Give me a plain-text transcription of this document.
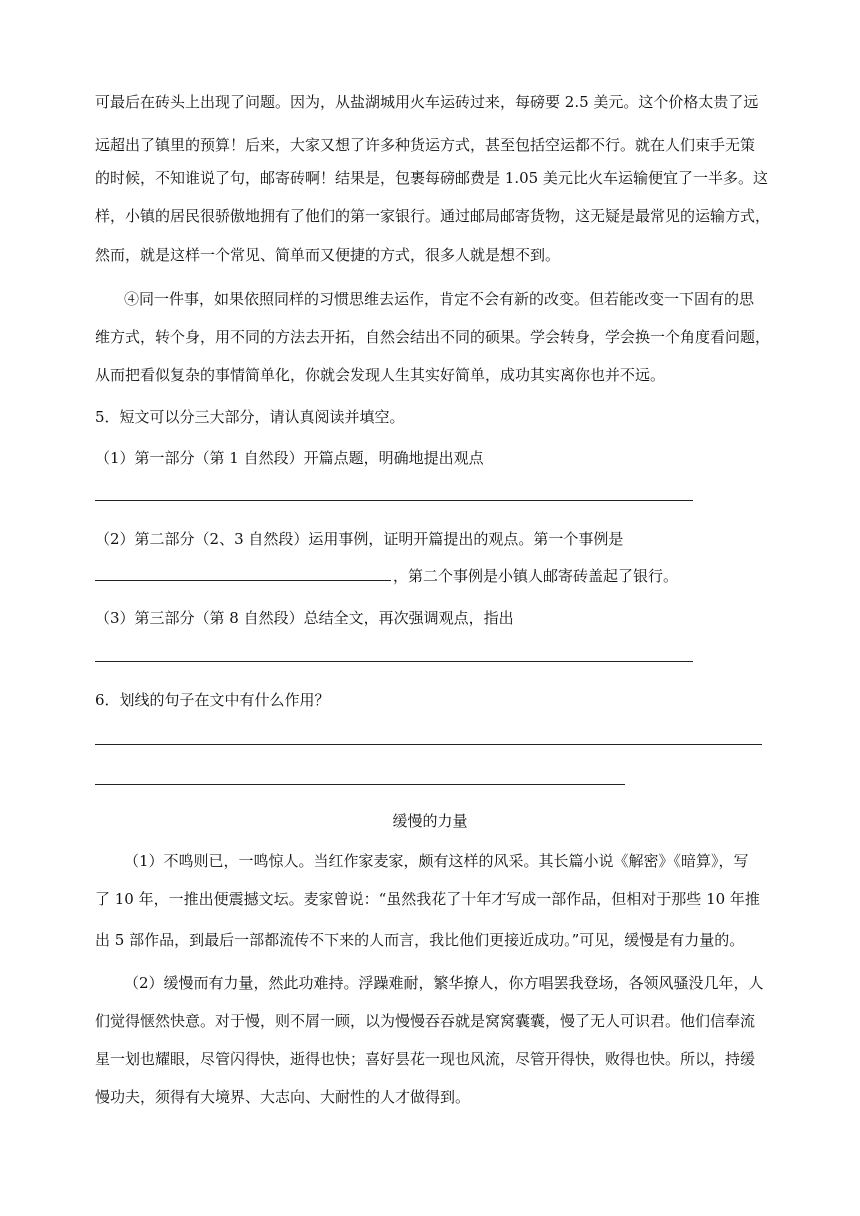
可最后在砖头上出现了问题。因为，从盐湖城用火车运砖过来，每磅要 2.5 美元。这个价格太贵了远
远超出了镇里的预算！后来，大家又想了许多种货运方式，甚至包括空运都不行。就在人们束手无策
的时候，不知谁说了句，邮寄砖啊！结果是，包裹每磅邮费是 1.05 美元比火车运输便宜了一半多。这
样，小镇的居民很骄傲地拥有了他们的第一家银行。通过邮局邮寄货物，这无疑是最常见的运输方式，
然而，就是这样一个常见、简单而又便捷的方式，很多人就是想不到。
④同一件事，如果依照同样的习惯思维去运作，肯定不会有新的改变。但若能改变一下固有的思
维方式，转个身，用不同的方法去开拓，自然会结出不同的硕果。学会转身，学会换一个角度看问题，
从而把看似复杂的事情简单化，你就会发现人生其实好简单，成功其实离你也并不远。
5．短文可以分三大部分，请认真阅读并填空。
（1）第一部分（第 1 自然段）开篇点题，明确地提出观点
（2）第二部分（2、3 自然段）运用事例，证明开篇提出的观点。第一个事例是
，第二个事例是小镇人邮寄砖盖起了银行。
（3）第三部分（第 8 自然段）总结全文，再次强调观点，指出
6．划线的句子在文中有什么作用？
缓慢的力量
（1）不鸣则已，一鸣惊人。当红作家麦家，颇有这样的风采。其长篇小说《解密》《暗算》，写
了 10 年，一推出便震撼文坛。麦家曾说：“虽然我花了十年才写成一部作品，但相对于那些 10 年推
出 5 部作品，到最后一部都流传不下来的人而言，我比他们更接近成功。”可见，缓慢是有力量的。
（2）缓慢而有力量，然此功难持。浮躁难耐，繁华撩人，你方唱罢我登场，各领风骚没几年，人
们觉得惬然快意。对于慢，则不屑一顾，以为慢慢吞吞就是窝窝囊囊，慢了无人可识君。他们信奉流
星一划也耀眼，尽管闪得快，逝得也快；喜好昙花一现也风流，尽管开得快，败得也快。所以，持缓
慢功夫，须得有大境界、大志向、大耐性的人才做得到。
